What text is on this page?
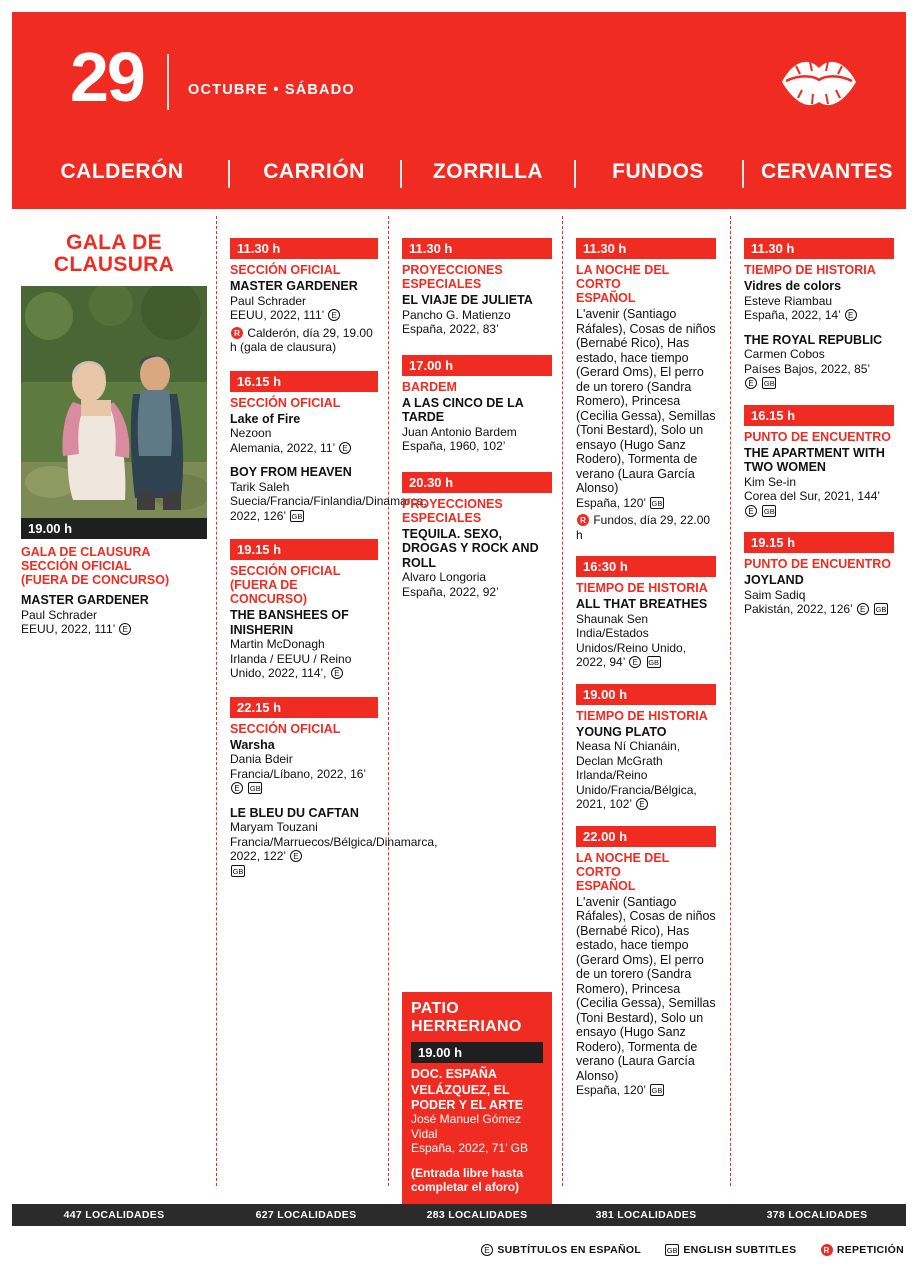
29	OCTUBRE • SÁBADO
CALDERÓN	CARRIÓN	ZORRILLA	FUNDOS	CERVANTES
GALA DE CLAUSURA
19.00 h
GALA DE CLAUSURA
SECCIÓN OFICIAL
(FUERA DE CONCURSO)
MASTER GARDENER
Paul Schrader
EEUU, 2022, 111’ E
11.30 h
SECCIÓN OFICIAL
MASTER GARDENER
Paul Schrader
EEUU, 2022, 111’ E
R Calderón, día 29, 19.00 h (gala de clausura)
16.15 h
SECCIÓN OFICIAL
Lake of Fire
Nezoon
Alemania, 2022, 11’ E
BOY FROM HEAVEN
Tarik Saleh
Suecia/Francia/Finlandia/Dinamarca, 2022, 126’ GB
19.15 h
SECCIÓN OFICIAL
(FUERA DE CONCURSO)
THE BANSHEES OF INISHERIN
Martin McDonagh
Irlanda / EEUU / Reino Unido, 2022, 114’, E
22.15 h
SECCIÓN OFICIAL
Warsha
Dania Bdeir
Francia/Líbano, 2022, 16’
E GB
LE BLEU DU CAFTAN
Maryam Touzani
Francia/Marruecos/Bélgica/Dinamarca, 2022, 122’ E
GB
11.30 h
PROYECCIONES ESPECIALES
EL VIAJE DE JULIETA
Pancho G. Matienzo
España, 2022, 83’
17.00 h
BARDEM
A LAS CINCO DE LA TARDE
Juan Antonio Bardem
España, 1960, 102’
20.30 h
PROYECCIONES ESPECIALES
TEQUILA. SEXO, DROGAS Y ROCK AND ROLL
Alvaro Longoria
España, 2022, 92’
PATIO HERRERIANO
19.00 h
DOC. ESPAÑA
VELÁZQUEZ, EL PODER Y EL ARTE
José Manuel Gómez Vidal
España, 2022, 71’ GB
(Entrada libre hasta completar el aforo)
11.30 h
LA NOCHE DEL CORTO
ESPAÑOL
L'avenir (Santiago Ráfales), Cosas de niños (Bernabé Rico), Has estado, hace tiempo (Gerard Oms), El perro de un torero (Sandra Romero), Princesa (Cecilia Gessa), Semillas (Toni Bestard), Solo un ensayo (Hugo Sanz Rodero), Tormenta de verano (Laura García Alonso)
España, 120’ GB
R Fundos, día 29, 22.00 h
16:30 h
TIEMPO DE HISTORIA
ALL THAT BREATHES
Shaunak Sen
India/Estados Unidos/Reino Unido, 2022, 94’ E GB
19.00 h
TIEMPO DE HISTORIA
YOUNG PLATO
Neasa Ní Chianáin, Declan McGrath
Irlanda/Reino Unido/Francia/Bélgica, 2021, 102’ E
22.00 h
LA NOCHE DEL CORTO
ESPAÑOL
L'avenir (Santiago Ráfales), Cosas de niños (Bernabé Rico), Has estado, hace tiempo (Gerard Oms), El perro de un torero (Sandra Romero), Princesa (Cecilia Gessa), Semillas (Toni Bestard), Solo un ensayo (Hugo Sanz Rodero), Tormenta de verano (Laura García Alonso)
España, 120’ GB
11.30 h
TIEMPO DE HISTORIA
Vidres de colors
Esteve Riambau
España, 2022, 14’ E
THE ROYAL REPUBLIC
Carmen Cobos
Países Bajos, 2022, 85’
E GB
16.15 h
PUNTO DE ENCUENTRO
THE APARTMENT WITH TWO WOMEN
Kim Se-in
Corea del Sur, 2021, 144’
E GB
19.15 h
PUNTO DE ENCUENTRO
JOYLAND
Saim Sadiq
Pakistán, 2022, 126’ E GB
447 LOCALIDADES	627 LOCALIDADES	283 LOCALIDADES	381 LOCALIDADES	378 LOCALIDADES
E SUBTÍTULOS EN ESPAÑOL	GB ENGLISH SUBTITLES	R REPETICIÓN
